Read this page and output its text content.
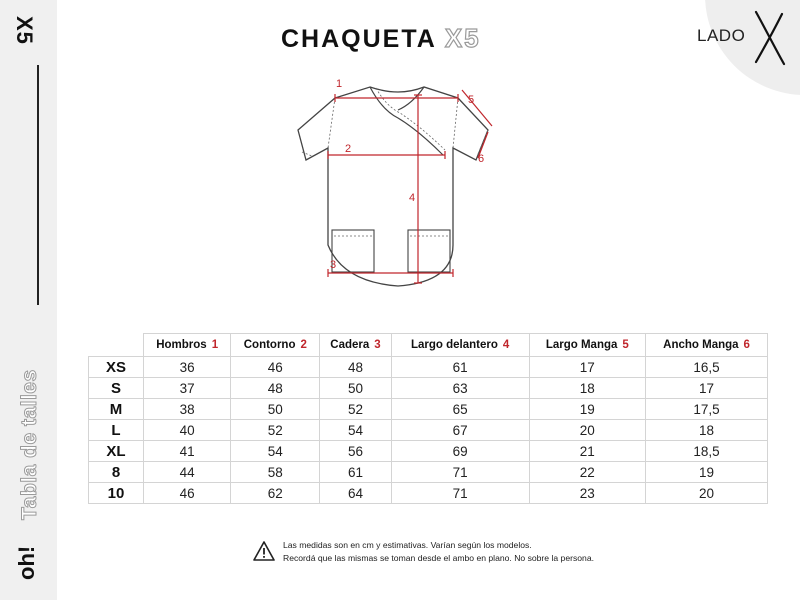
X5
Tabla de talles
oh!
LADO
CHAQUETA X5
1
2
3
4
5
6
	Hombros 1	Contorno 2	Cadera 3	Largo delantero 4	Largo Manga 5	Ancho Manga 6
XS	36	46	48	61	17	16,5
S	37	48	50	63	18	17
M	38	50	52	65	19	17,5
L	40	52	54	67	20	18
XL	41	54	56	69	21	18,5
8	44	58	61	71	22	19
10	46	62	64	71	23	20
Las medidas son en cm y estimativas. Varían según los modelos.
Recordá que las mismas se toman desde el ambo en plano. No sobre la persona.
